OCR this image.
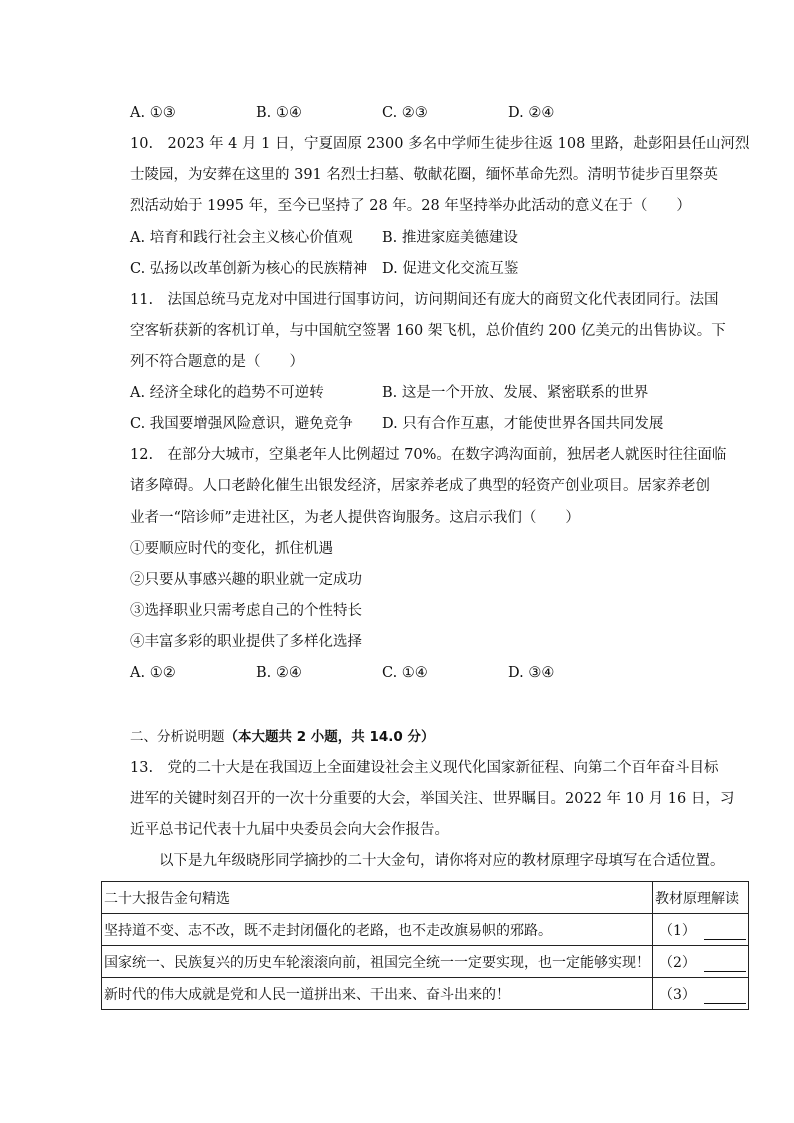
A. ①③	B. ①④	C. ②③	D. ②④
10.　2023 年 4 月 1 日，宁夏固原 2300 多名中学师生徒步往返 108 里路，赴彭阳县任山河烈
士陵园，为安葬在这里的 391 名烈士扫墓、敬献花圈，缅怀革命先烈。清明节徒步百里祭英
烈活动始于 1995 年，至今已坚持了 28 年。28 年坚持举办此活动的意义在于（　　）
A. 培育和践行社会主义核心价值观 B. 推进家庭美德建设
C. 弘扬以改革创新为核心的民族精神 D. 促进文化交流互鉴
11.　法国总统马克龙对中国进行国事访问，访问期间还有庞大的商贸文化代表团同行。法国
空客斩获新的客机订单，与中国航空签署 160 架飞机，总价值约 200 亿美元的出售协议。下
列不符合题意的是（　　）
A. 经济全球化的趋势不可逆转	B. 这是一个开放、发展、紧密联系的世界
C. 我国要增强风险意识，避免竞争 D. 只有合作互惠，才能使世界各国共同发展
12.　在部分大城市，空巢老年人比例超过 70%。在数字鸿沟面前，独居老人就医时往往面临
诸多障碍。人口老龄化催生出银发经济，居家养老成了典型的轻资产创业项目。居家养老创
业者一“陪诊师”走进社区，为老人提供咨询服务。这启示我们（　　）
①要顺应时代的变化，抓住机遇
②只要从事感兴趣的职业就一定成功
③选择职业只需考虑自己的个性特长
④丰富多彩的职业提供了多样化选择
A. ①②	B. ②④	C. ①④	D. ③④
二、分析说明题（本大题共 2 小题，共 14.0 分）
13.　党的二十大是在我国迈上全面建设社会主义现代化国家新征程、向第二个百年奋斗目标
进军的关键时刻召开的一次十分重要的大会，举国关注、世界瞩目。2022 年 10 月 16 日，习
近平总书记代表十九届中央委员会向大会作报告。
以下是九年级晓彤同学摘抄的二十大金句，请你将对应的教材原理字母填写在合适位置。
二十大报告金句精选	教材原理解读
坚持道不变、志不改，既不走封闭僵化的老路，也不走改旗易帜的邪路。	（1）
国家统一、民族复兴的历史车轮滚滚向前，祖国完全统一一定要实现，也一定能够实现！	（2）
新时代的伟大成就是党和人民一道拼出来、干出来、奋斗出来的！	（3）
